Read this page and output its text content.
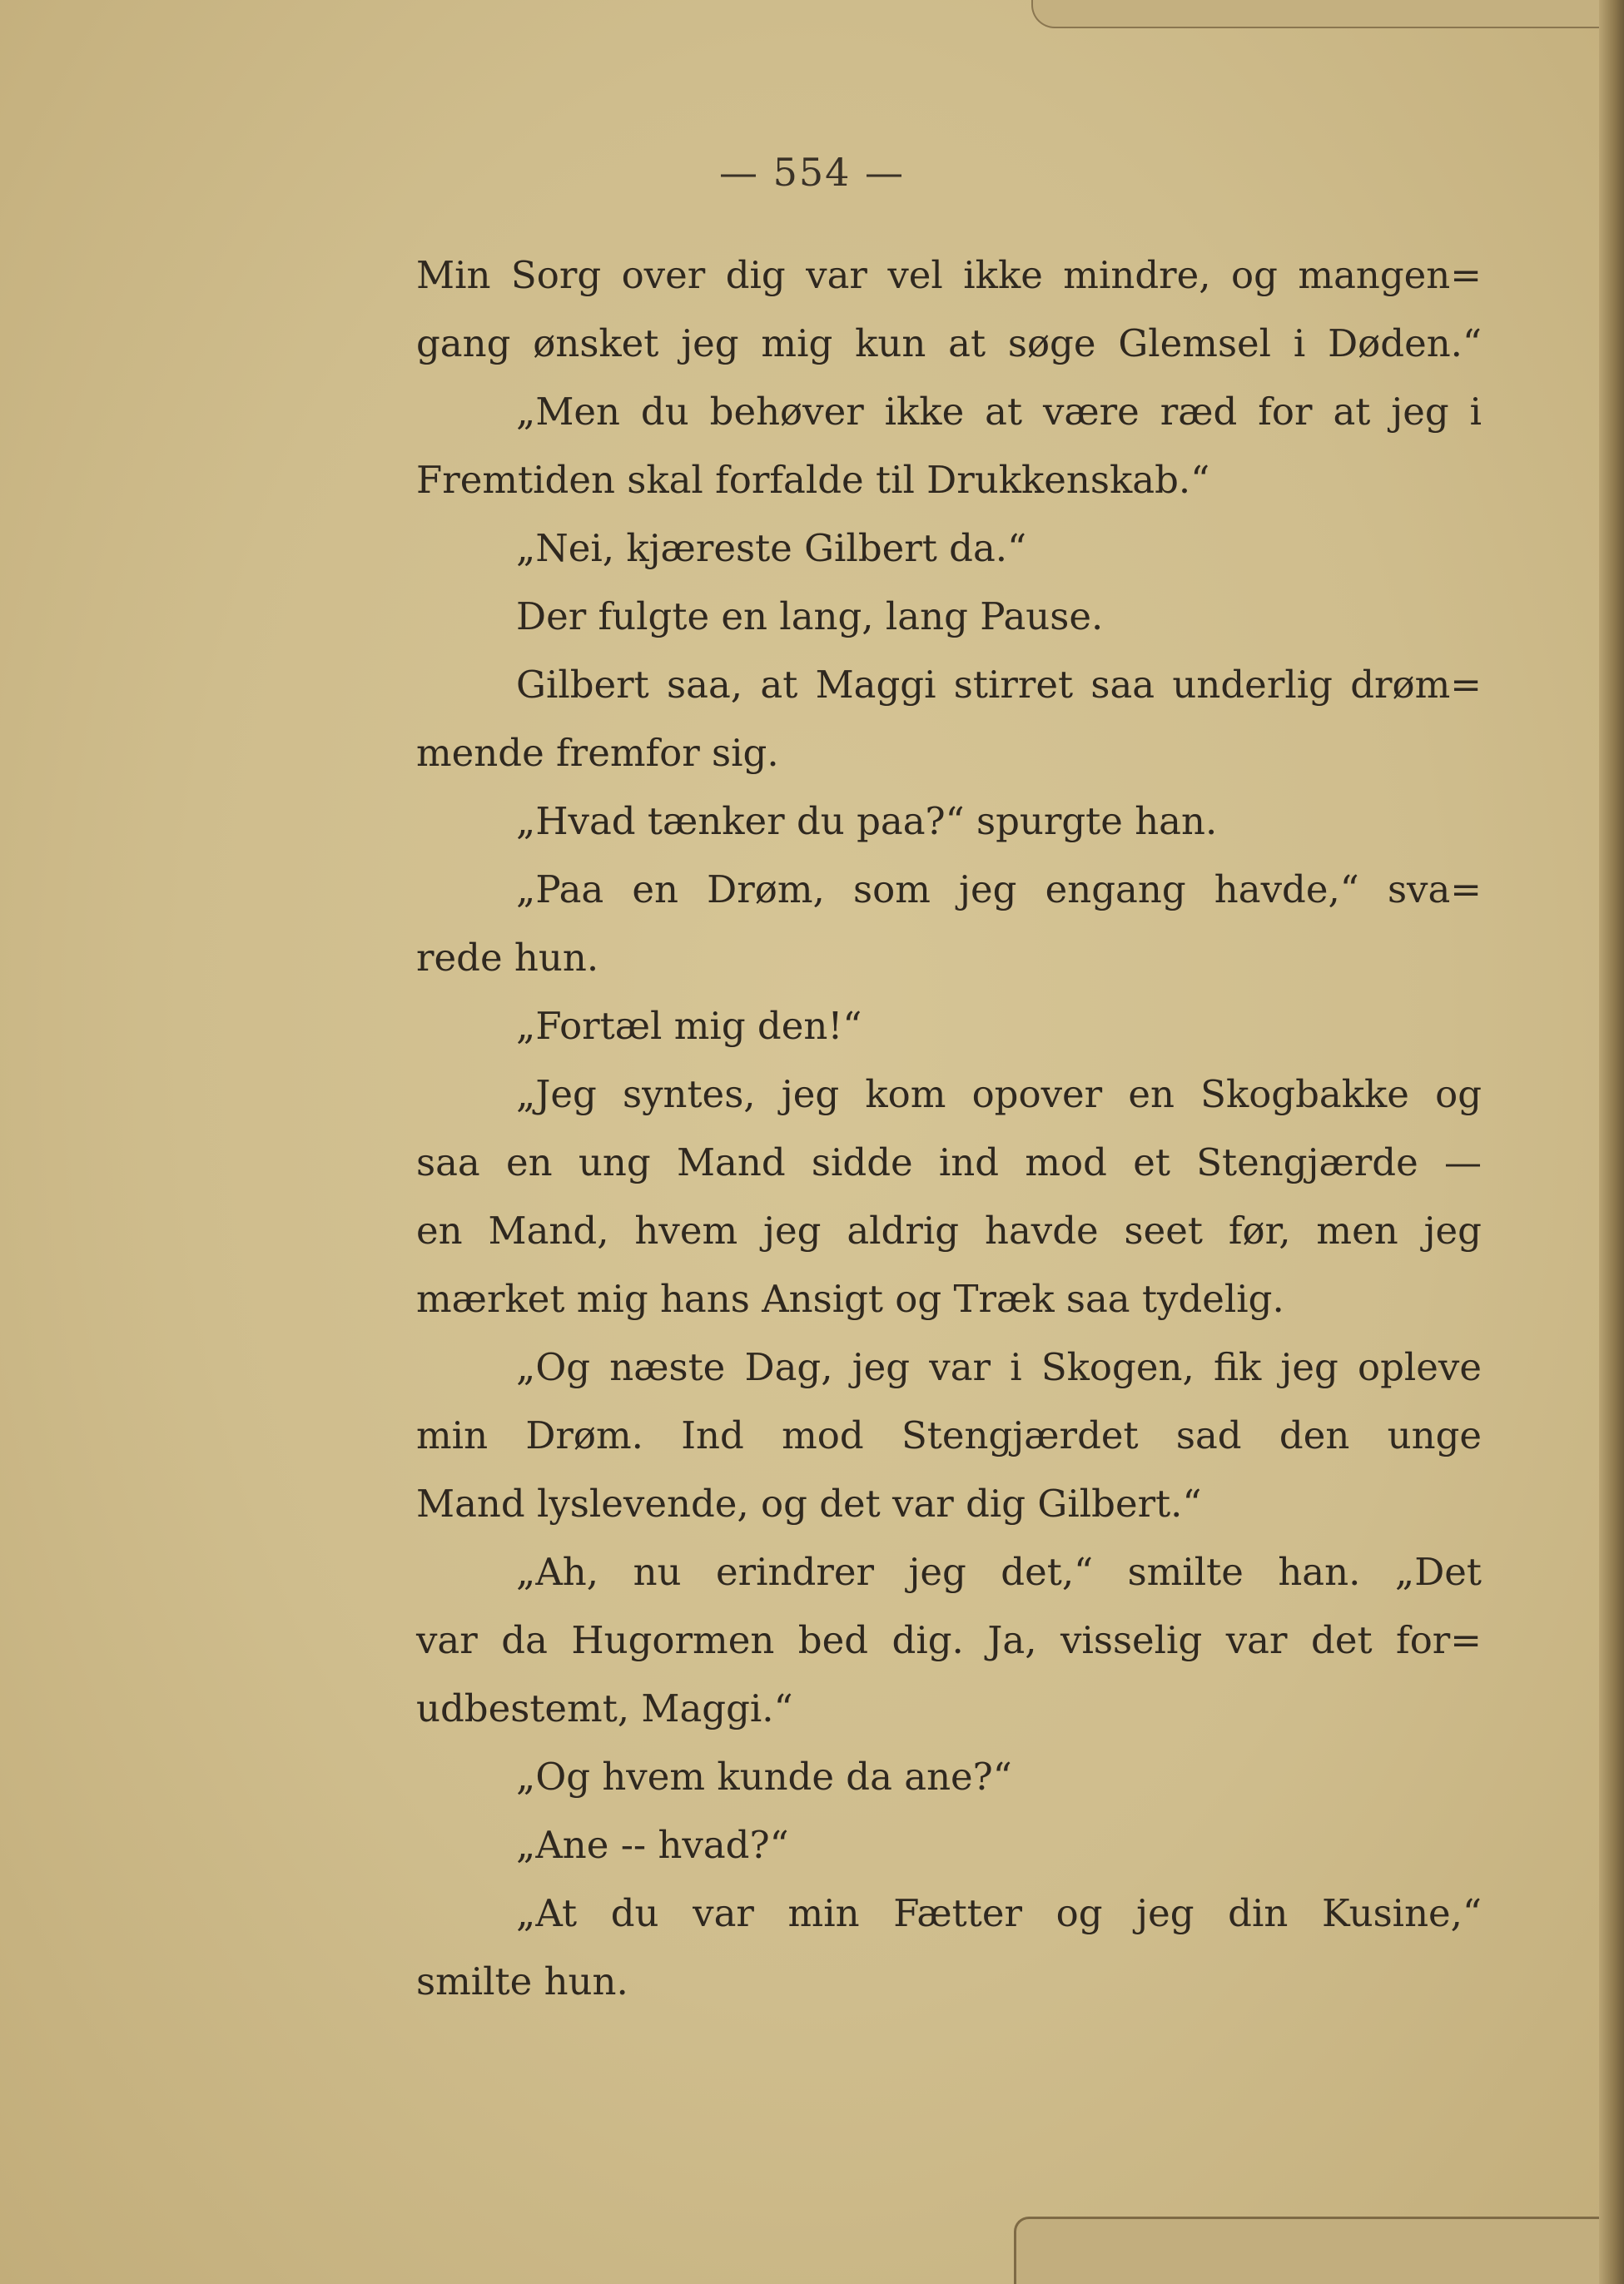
— 554 —
Min Sorg over dig var vel ikke mindre, og mangen=
gang ønsket jeg mig kun at søge Glemsel i Døden.“
„Men du behøver ikke at være ræd for at jeg i
Fremtiden skal forfalde til Drukkenskab.“
„Nei, kjæreste Gilbert da.“
Der fulgte en lang, lang Pause.
Gilbert saa, at Maggi stirret saa underlig drøm=
mende fremfor sig.
„Hvad tænker du paa?“ spurgte han.
„Paa en Drøm, som jeg engang havde,“ sva=
rede hun.
„Fortæl mig den!“
„Jeg syntes, jeg kom opover en Skogbakke og
saa en ung Mand sidde ind mod et Stengjærde —
en Mand, hvem jeg aldrig havde seet før, men jeg
mærket mig hans Ansigt og Træk saa tydelig.
„Og næste Dag, jeg var i Skogen, fik jeg opleve
min Drøm. Ind mod Stengjærdet sad den unge
Mand lyslevende, og det var dig Gilbert.“
„Ah, nu erindrer jeg det,“ smilte han. „Det
var da Hugormen bed dig. Ja, visselig var det for=
udbestemt, Maggi.“
„Og hvem kunde da ane?“
„Ane -- hvad?“
„At du var min Fætter og jeg din Kusine,“
smilte hun.
